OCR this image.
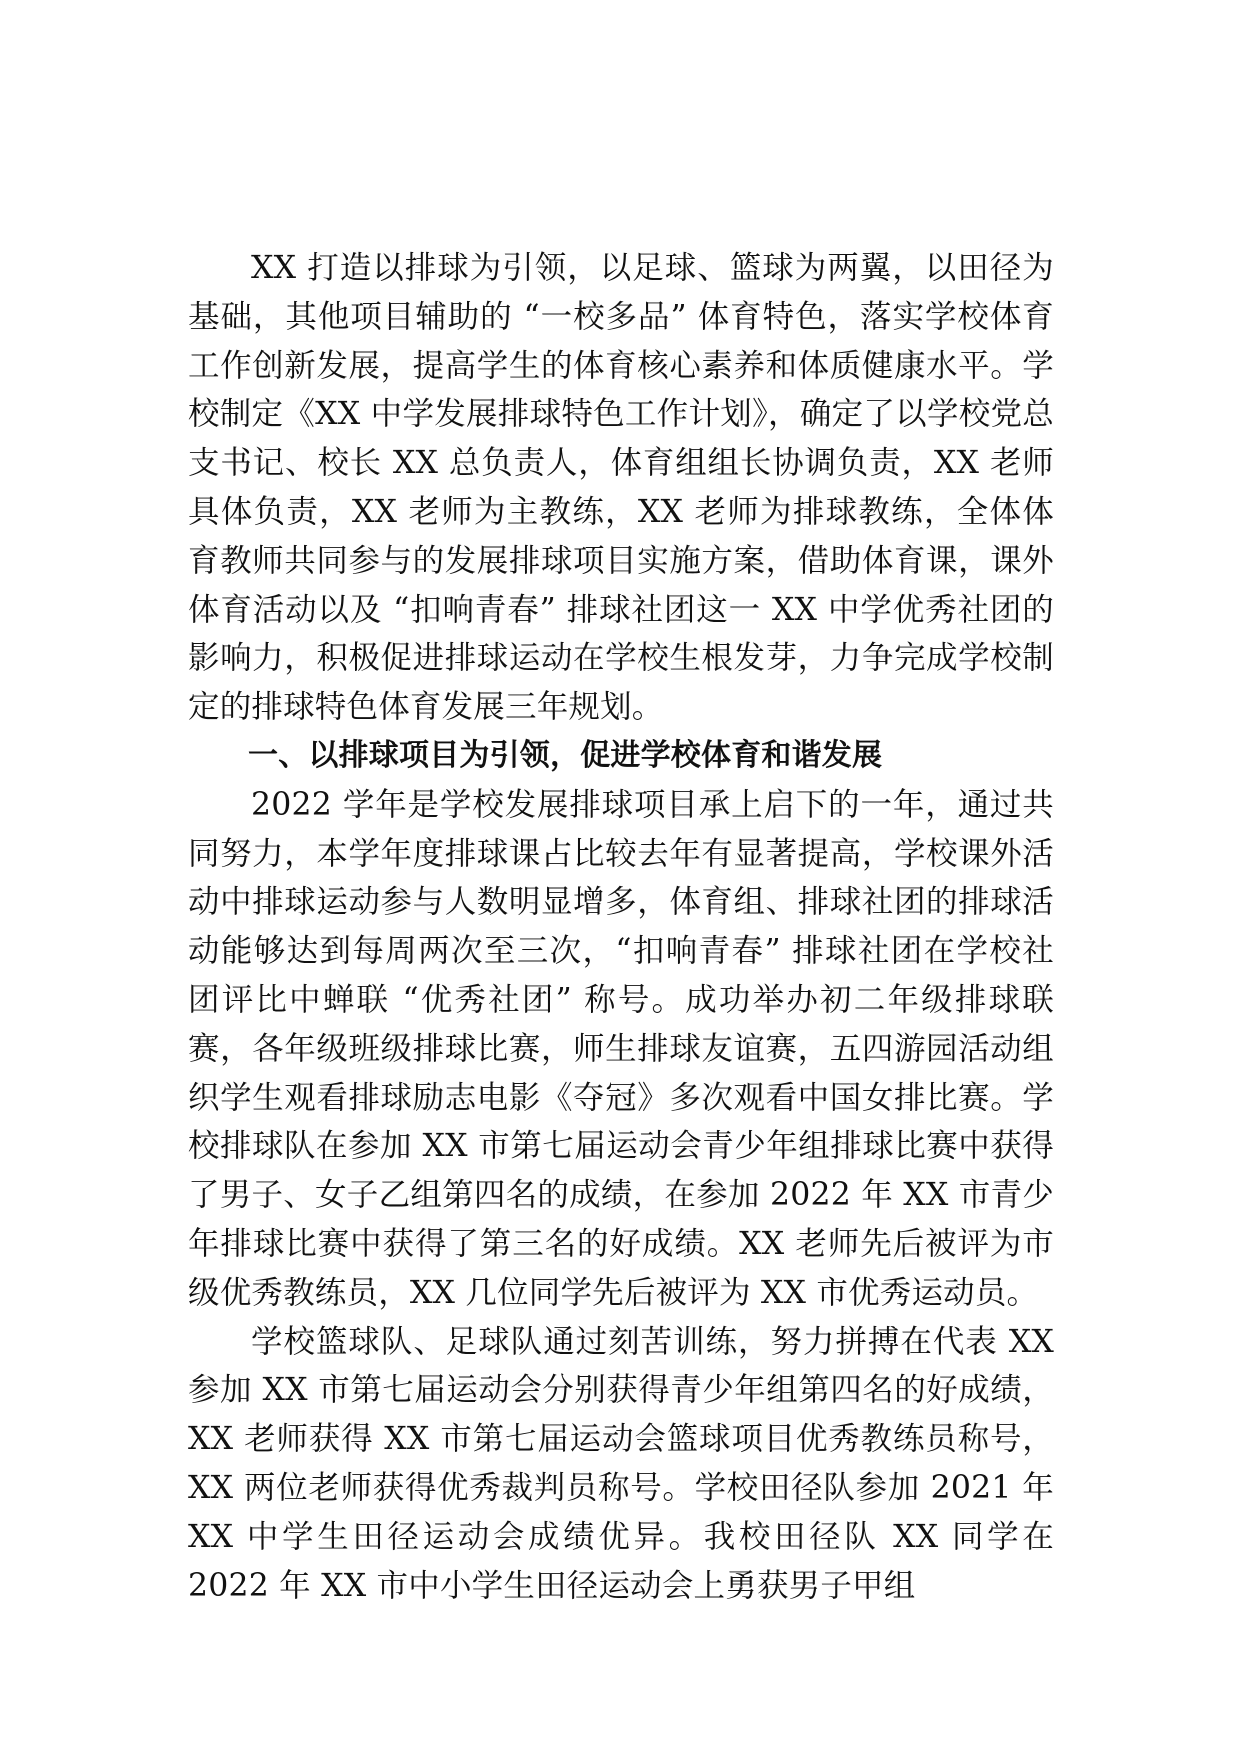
XX 打造以排球为引领，以足球、篮球为两翼，以田径为基础，其他项目辅助的 “一校多品” 体育特色，落实学校体育工作创新发展，提高学生的体育核心素养和体质健康水平。学校制定《XX 中学发展排球特色工作计划》，确定了以学校党总支书记、校长 XX 总负责人，体育组组长协调负责，XX 老师具体负责，XX 老师为主教练，XX 老师为排球教练，全体体育教师共同参与的发展排球项目实施方案，借助体育课，课外体育活动以及 “扣响青春” 排球社团这一 XX 中学优秀社团的影响力，积极促进排球运动在学校生根发芽，力争完成学校制定的排球特色体育发展三年规划。

一、以排球项目为引领，促进学校体育和谐发展

2022 学年是学校发展排球项目承上启下的一年，通过共同努力，本学年度排球课占比较去年有显著提高，学校课外活动中排球运动参与人数明显增多，体育组、排球社团的排球活动能够达到每周两次至三次，“扣响青春” 排球社团在学校社团评比中蝉联 “优秀社团” 称号。成功举办初二年级排球联赛，各年级班级排球比赛，师生排球友谊赛，五四游园活动组织学生观看排球励志电影《夺冠》多次观看中国女排比赛。学校排球队在参加 XX 市第七届运动会青少年组排球比赛中获得了男子、女子乙组第四名的成绩，在参加 2022 年 XX 市青少年排球比赛中获得了第三名的好成绩。XX 老师先后被评为市级优秀教练员，XX 几位同学先后被评为 XX 市优秀运动员。

学校篮球队、足球队通过刻苦训练，努力拼搏在代表 XX 参加 XX 市第七届运动会分别获得青少年组第四名的好成绩，XX 老师获得 XX 市第七届运动会篮球项目优秀教练员称号，XX 两位老师获得优秀裁判员称号。学校田径队参加 2021 年 XX 中学生田径运动会成绩优异。我校田径队 XX 同学在 2022 年 XX 市中小学生田径运动会上勇获男子甲组
